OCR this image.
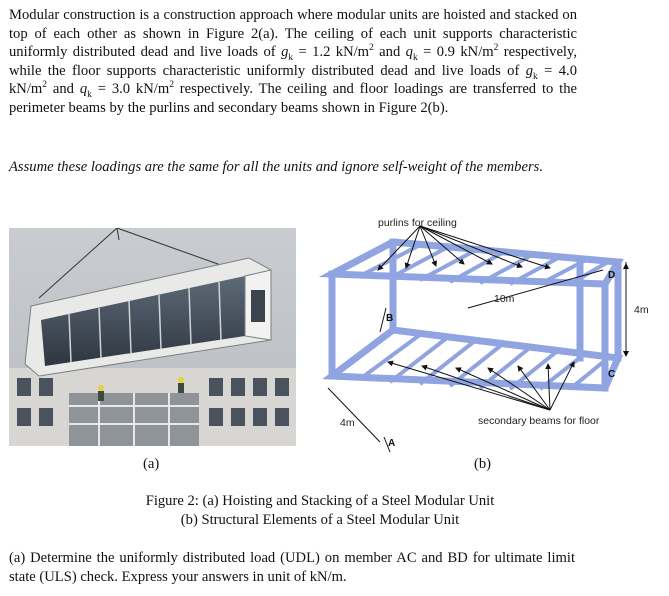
Modular construction is a construction approach where modular units are hoisted and stacked on top of each other as shown in Figure 2(a). The ceiling of each unit supports characteristic uniformly distributed dead and live loads of $g_k = 1.2$ $kN/m^2$ and $q_k = 0.9$ $kN/m^2$ respectively, while the floor supports characteristic uniformly distributed dead and live loads of $g_k = 4.0$ $kN/m^2$ and $q_k = 3.0$ $kN/m^2$ respectively. The ceiling and floor loadings are transferred to the perimeter beams by the purlins and secondary beams shown in Figure 2(b).

Assume these loadings are the same for all the units and ignore self-weight of the members.

purlins for ceiling
secondary beams for floor
10m
4m
4m
B
A
C
D
(a)	(b)
Figure 2: (a) Hoisting and Stacking of a Steel Modular Unit
(b) Structural Elements of a Steel Modular Unit

(a) Determine the uniformly distributed load (UDL) on member AC and BD for ultimate limit state (ULS) check. Express your answers in unit of kN/m.
